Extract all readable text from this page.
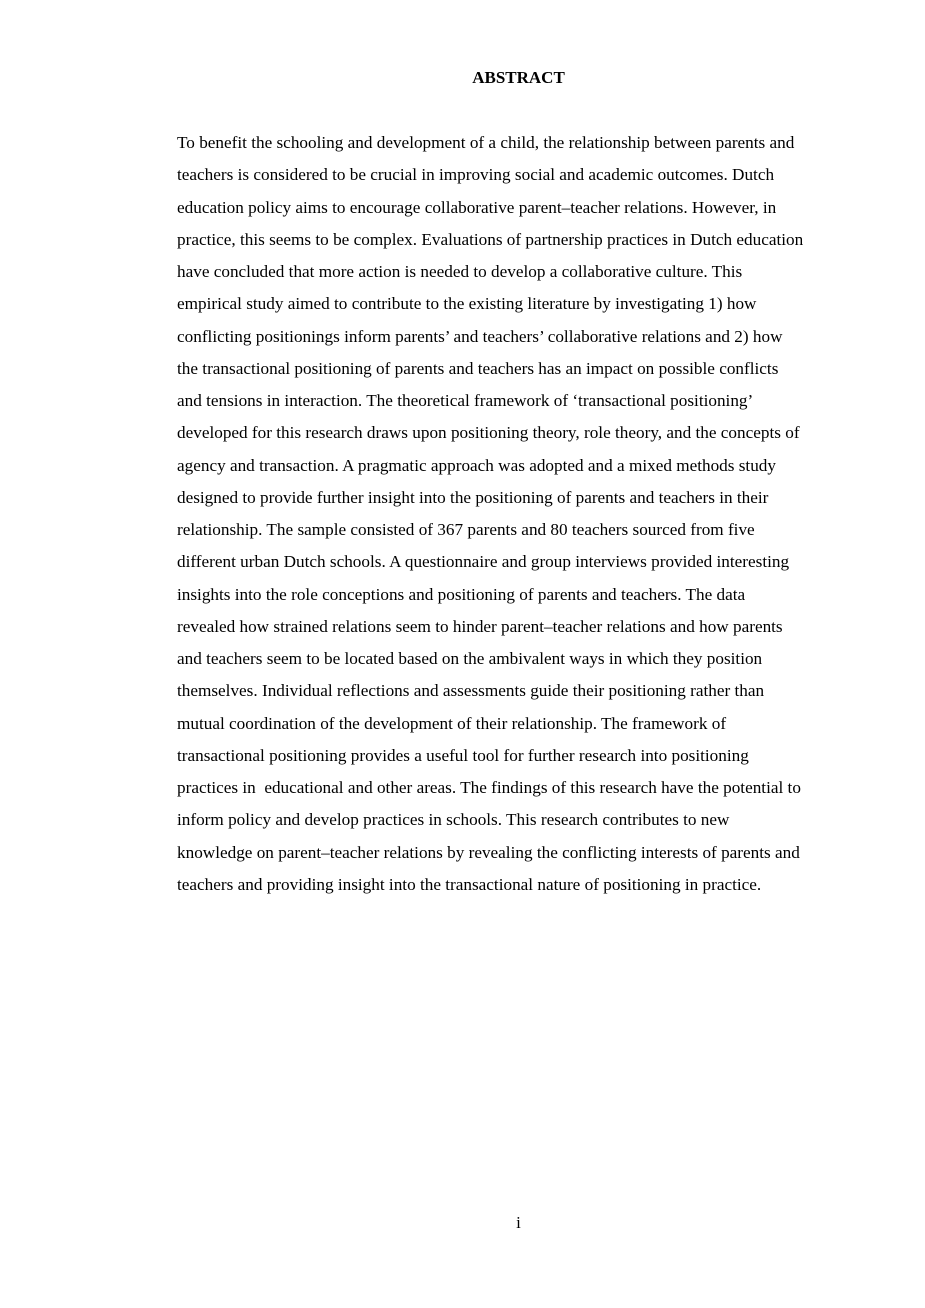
ABSTRACT
To benefit the schooling and development of a child, the relationship between parents and
teachers is considered to be crucial in improving social and academic outcomes. Dutch
education policy aims to encourage collaborative parent–teacher relations. However, in
practice, this seems to be complex. Evaluations of partnership practices in Dutch education
have concluded that more action is needed to develop a collaborative culture. This
empirical study aimed to contribute to the existing literature by investigating 1) how
conflicting positionings inform parents’ and teachers’ collaborative relations and 2) how
the transactional positioning of parents and teachers has an impact on possible conflicts
and tensions in interaction. The theoretical framework of ‘transactional positioning’
developed for this research draws upon positioning theory, role theory, and the concepts of
agency and transaction. A pragmatic approach was adopted and a mixed methods study
designed to provide further insight into the positioning of parents and teachers in their
relationship. The sample consisted of 367 parents and 80 teachers sourced from five
different urban Dutch schools. A questionnaire and group interviews provided interesting
insights into the role conceptions and positioning of parents and teachers. The data
revealed how strained relations seem to hinder parent–teacher relations and how parents
and teachers seem to be located based on the ambivalent ways in which they position
themselves. Individual reflections and assessments guide their positioning rather than
mutual coordination of the development of their relationship. The framework of
transactional positioning provides a useful tool for further research into positioning
practices in  educational and other areas. The findings of this research have the potential to
inform policy and develop practices in schools. This research contributes to new
knowledge on parent–teacher relations by revealing the conflicting interests of parents and
teachers and providing insight into the transactional nature of positioning in practice.
i
